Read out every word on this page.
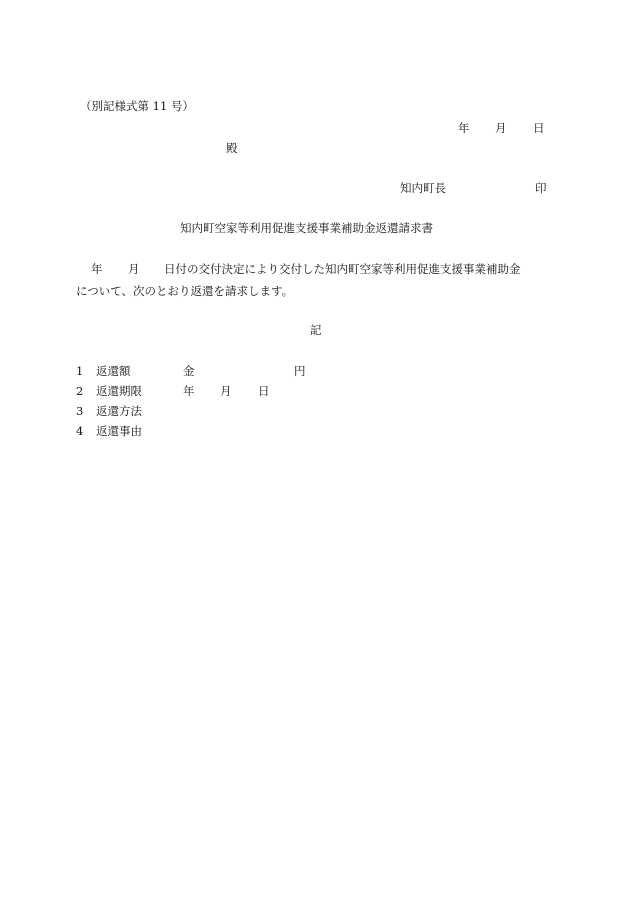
（別記様式第 11 号）
年 月 日
殿
知内町長	印
知内町空家等利用促進支援事業補助金返還請求書
年 月 日付の交付決定により交付した知内町空家等利用促進支援事業補助金
について、次のとおり返還を請求します。
記
1 返還額	金	円
2 返還期限	年 月 日
3 返還方法
4 返還事由
